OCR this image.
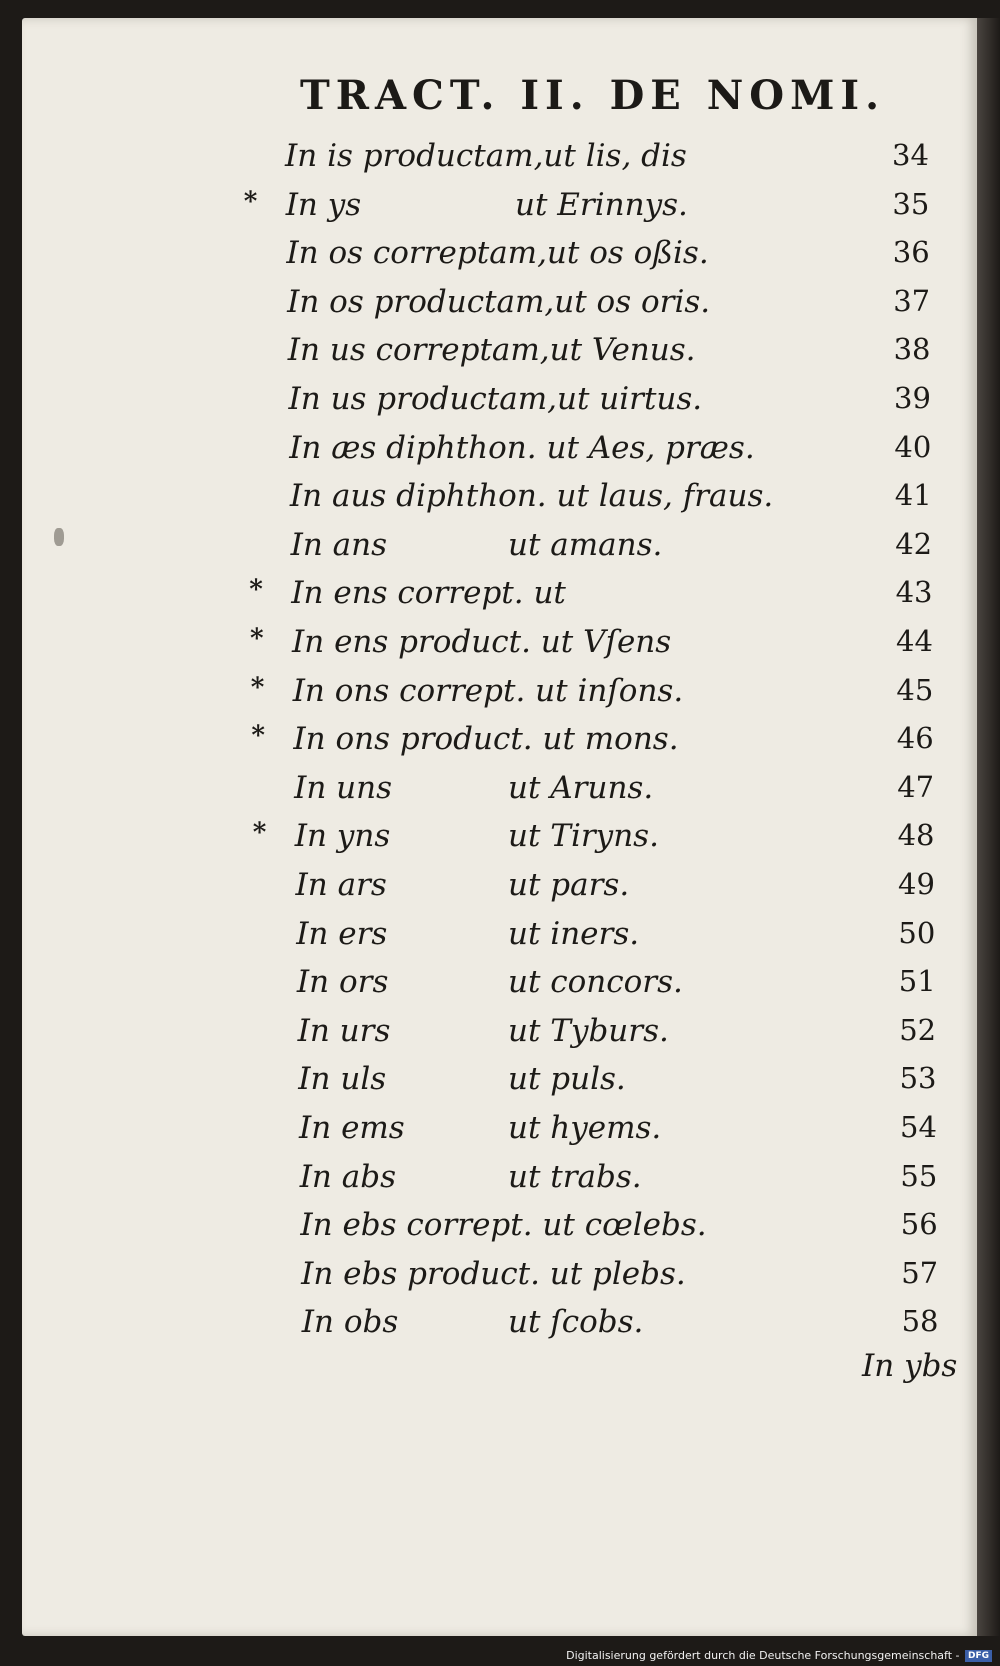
TRACT. II. DE NOMI.
In is productam,ut lis, dis	34
* In ys	ut Erinnys.	35
In os correptam,ut os oßis.	36
In os productam,ut os oris.	37
In us correptam,ut Venus.	38
In us productam,ut uirtus.	39
In æs diphthon. ut Aes, præs.	40
In aus diphthon. ut laus, fraus.	41
In ans	ut amans.	42
* In ens corrept. ut	43
* In ens product. ut Vſens	44
* In ons corrept. ut inſons.	45
* In ons product. ut mons.	46
In uns	ut Aruns.	47
* In yns	ut Tiryns.	48
In ars	ut pars.	49
In ers	ut iners.	50
In ors	ut concors.	51
In urs	ut Tyburs.	52
In uls	ut puls.	53
In ems	ut hyems.	54
In abs	ut trabs.	55
In ebs corrept. ut cœlebs.	56
In ebs product. ut plebs.	57
In obs	ut ſcobs.	58
In ybs
Digitalisierung gefördert durch die Deutsche Forschungsgemeinschaft - DFG
